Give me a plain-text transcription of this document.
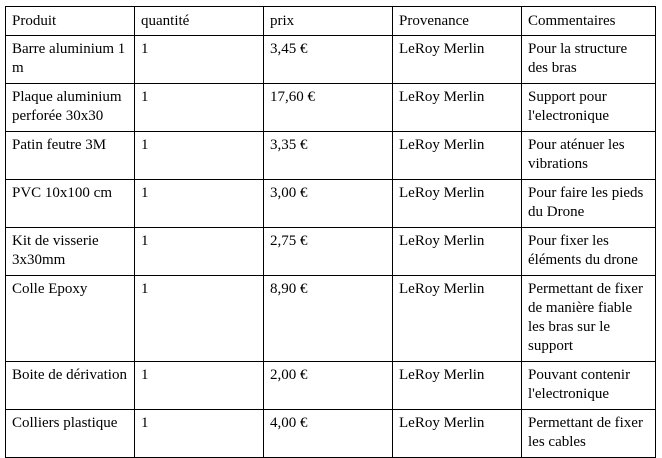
Produit	quantité	prix	Provenance	Commentaires
Barre aluminium 1 m	1	3,45 €	LeRoy Merlin	Pour la structure des bras
Plaque aluminium perforée 30x30	1	17,60 €	LeRoy Merlin	Support pour l'electronique
Patin feutre 3M	1	3,35 €	LeRoy Merlin	Pour aténuer les vibrations
PVC 10x100 cm	1	3,00 €	LeRoy Merlin	Pour faire les pieds du Drone
Kit de visserie 3x30mm	1	2,75 €	LeRoy Merlin	Pour fixer les éléments du drone
Colle Epoxy	1	8,90 €	LeRoy Merlin	Permettant de fixer de manière fiable les bras sur le support
Boite de dérivation	1	2,00 €	LeRoy Merlin	Pouvant contenir l'electronique
Colliers plastique	1	4,00 €	LeRoy Merlin	Permettant de fixer les cables
